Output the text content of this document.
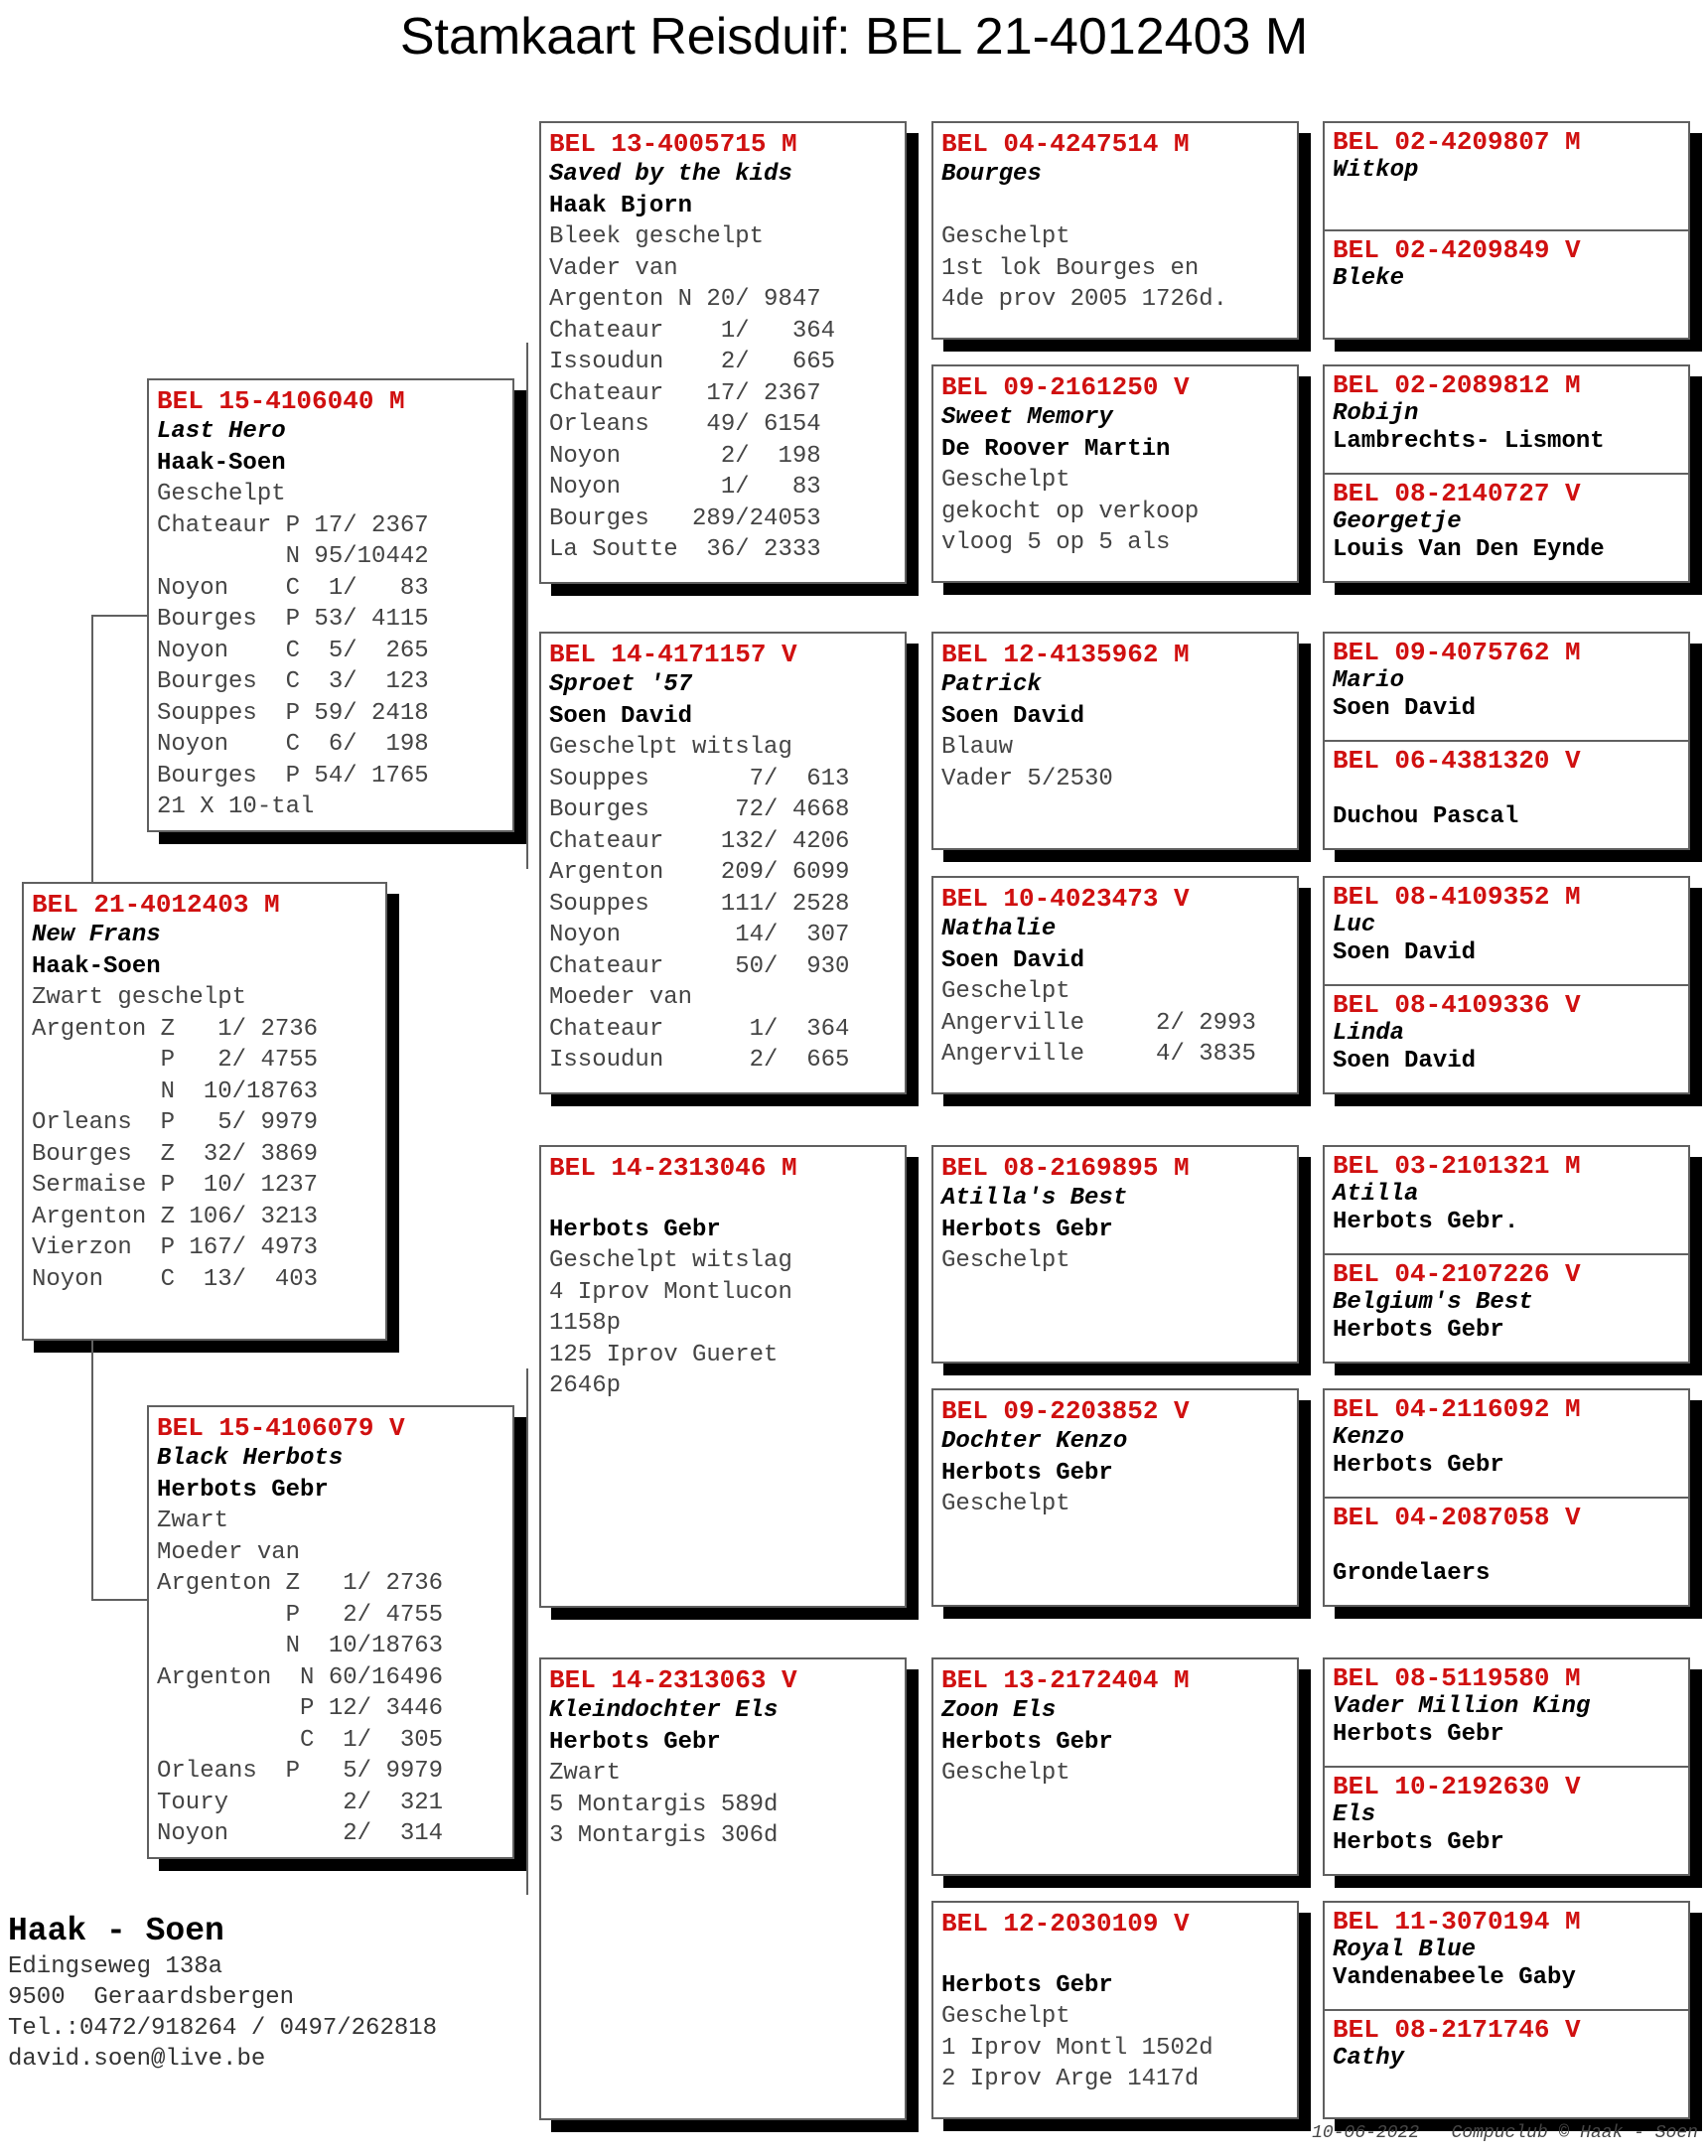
Stamkaart Reisduif: BEL 21-4012403 M
BEL 21-4012403 M
New Frans
Haak-Soen
Zwart geschelpt
Argenton Z   1/ 2736
P   2/ 4755
N  10/18763
Orleans  P   5/ 9979
Bourges  Z  32/ 3869
Sermaise P  10/ 1237
Argenton Z 106/ 3213
Vierzon  P 167/ 4973
Noyon    C  13/  403
BEL 15-4106040 M
Last Hero
Haak-Soen
Geschelpt
Chateaur P 17/ 2367
N 95/10442
Noyon    C  1/   83
Bourges  P 53/ 4115
Noyon    C  5/  265
Bourges  C  3/  123
Souppes  P 59/ 2418
Noyon    C  6/  198
Bourges  P 54/ 1765
21 X 10-tal
BEL 15-4106079 V
Black Herbots
Herbots Gebr
Zwart
Moeder van
Argenton Z   1/ 2736
P   2/ 4755
N  10/18763
Argenton  N 60/16496
P 12/ 3446
C  1/  305
Orleans  P   5/ 9979
Toury        2/  321
Noyon        2/  314
BEL 13-4005715 M
Saved by the kids
Haak Bjorn
Bleek geschelpt
Vader van
Argenton N 20/ 9847
Chateaur    1/   364
Issoudun    2/   665
Chateaur   17/ 2367
Orleans    49/ 6154
Noyon       2/  198
Noyon       1/   83
Bourges   289/24053
La Soutte  36/ 2333
BEL 14-4171157 V
Sproet '57
Soen David
Geschelpt witslag
Souppes       7/  613
Bourges      72/ 4668
Chateaur    132/ 4206
Argenton    209/ 6099
Souppes     111/ 2528
Noyon        14/  307
Chateaur     50/  930
Moeder van
Chateaur      1/  364
Issoudun      2/  665
BEL 14-2313046 M

Herbots Gebr
Geschelpt witslag
4 Iprov Montlucon
1158p
125 Iprov Gueret
2646p
BEL 14-2313063 V
Kleindochter Els
Herbots Gebr
Zwart
5 Montargis 589d
3 Montargis 306d
BEL 04-4247514 M
Bourges

Geschelpt
1st lok Bourges en
4de prov 2005 1726d.
BEL 09-2161250 V
Sweet Memory
De Roover Martin
Geschelpt
gekocht op verkoop
vloog 5 op 5 als
BEL 12-4135962 M
Patrick
Soen David
Blauw
Vader 5/2530
BEL 10-4023473 V
Nathalie
Soen David
Geschelpt
Angerville     2/ 2993
Angerville     4/ 3835
BEL 08-2169895 M
Atilla's Best
Herbots Gebr
Geschelpt
BEL 09-2203852 V
Dochter Kenzo
Herbots Gebr
Geschelpt
BEL 13-2172404 M
Zoon Els
Herbots Gebr
Geschelpt
BEL 12-2030109 V

Herbots Gebr
Geschelpt
1 Iprov Montl 1502d
2 Iprov Arge 1417d
BEL 02-4209807 M
Witkop
BEL 02-4209849 V
Bleke
BEL 02-2089812 M
Robijn
Lambrechts- Lismont
BEL 08-2140727 V
Georgetje
Louis Van Den Eynde
BEL 09-4075762 M
Mario
Soen David
BEL 06-4381320 V

Duchou Pascal
BEL 08-4109352 M
Luc
Soen David
BEL 08-4109336 V
Linda
Soen David
BEL 03-2101321 M
Atilla
Herbots Gebr.
BEL 04-2107226 V
Belgium's Best
Herbots Gebr
BEL 04-2116092 M
Kenzo
Herbots Gebr
BEL 04-2087058 V

Grondelaers
BEL 08-5119580 M
Vader Million King
Herbots Gebr
BEL 10-2192630 V
Els
Herbots Gebr
BEL 11-3070194 M
Royal Blue
Vandenabeele Gaby
BEL 08-2171746 V
Cathy
Haak - Soen
Edingseweg 138a
9500  Geraardsbergen
Tel.:0472/918264 / 0497/262818
david.soen@live.be
10-06-2022   Compuclub © Haak - Soen
